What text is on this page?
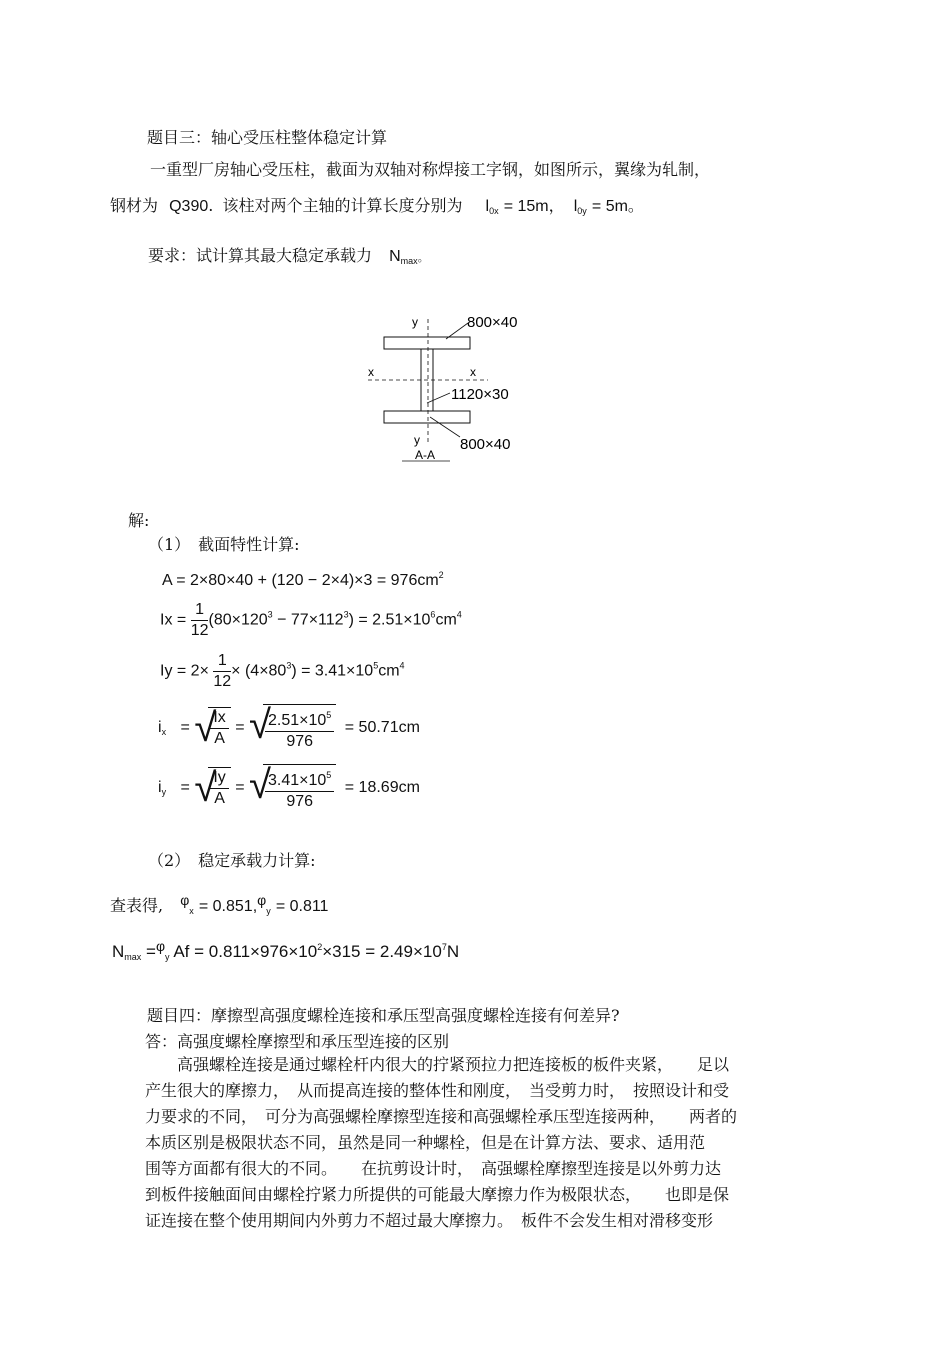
题目三：轴心受压柱整体稳定计算
一重型厂房轴心受压柱，截面为双轴对称焊接工字钢，如图所示，翼缘为轧制，
钢材为 Q390. 该柱对两个主轴的计算长度分别为 $l_{0x} = 15m$， $l_{0y} = 5m$。
要求：试计算其最大稳定承载力 $N_{max}$。
y
x	x
y
800×40
1120×30
800×40
A-A
解:
（1）　截面特性计算:
$A = 2\times 80\times 40 + (120 - 2\times 4)\times 3 = 976cm^2$
$Ix = \frac{1}{12} (80\times 120^3 - 77\times 112^3) = 2.51\times 10^6cm^4$
$Iy = 2\times \frac{1}{12} \times (4\times 80^3) = 3.41\times 10^5cm^4$
$i_x$ = √
$\frac{Ix}{A}$ = √
$\frac{2.51\times 10^5}{976} = 50.71cm$
$i_y$ = √
$\frac{Iy}{A}$ = √
$\frac{3.41\times 10^5}{976} = 18.69cm$
（2）　稳定承载力计算:
查表得, $\varphi_x = 0.851,\varphi_y = 0.811$
$N_{max} =^\varphi_y$ $Af = 0.811\times 976\times 10^2\times 315 = 2.49\times 10^7N$
题目四：摩擦型高强度螺栓连接和承压型高强度螺栓连接有何差异?
答：高强度螺栓摩擦型和承压型连接的区别

　　高强螺栓连接是通过螺栓杆内很大的拧紧预拉力把连接板的板件夹紧，　　足以

产生很大的摩擦力，　从而提高连接的整体性和刚度，　当受剪力时，　按照设计和受

力要求的不同，　可分为高强螺栓摩擦型连接和高强螺栓承压型连接两种，　　两者的

本质区别是极限状态不同，虽然是同一种螺栓，但是在计算方法、要求、适用范

围等方面都有很大的不同。　　在抗剪设计时，　高强螺栓摩擦型连接是以外剪力达

到板件接触面间由螺栓拧紧力所提供的可能最大摩擦力作为极限状态，　　也即是保

证连接在整个使用期间内外剪力不超过最大摩擦力。　板件不会发生相对滑移变形
